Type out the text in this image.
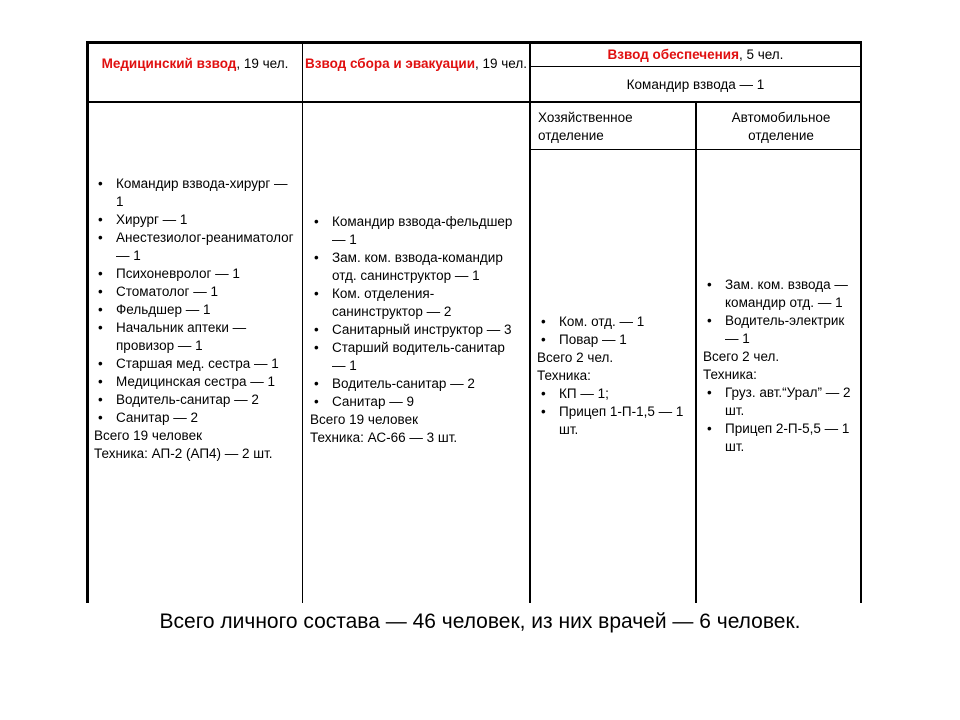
Медицинский взвод, 19 чел.	Взвод сбора и эвакуации, 19 чел.
Взвод обеспечения, 5 чел.
Командир взвода — 1
Хозяйственное отделение
Автомобильное отделение
• Командир взвода-хирург — 1
• Хирург — 1
• Анестезиолог-реаниматолог — 1
• Психоневролог — 1
• Стоматолог — 1
• Фельдшер — 1
• Начальник аптеки — провизор — 1
• Старшая мед. сестра — 1
• Медицинская сестра — 1
• Водитель-санитар — 2
• Санитар — 2
Всего 19 человек
Техника: АП-2 (АП4) — 2 шт.
• Командир взвода-фельдшер — 1
• Зам. ком. взвода-командир отд. санинструктор — 1
• Ком. отделения-санинструктор — 2
• Санитарный инструктор — 3
• Старший водитель-санитар — 1
• Водитель-санитар — 2
• Санитар — 9
Всего 19 человек
Техника: АС-66 — 3 шт.
• Ком. отд. — 1
• Повар — 1
Всего 2 чел.
Техника:
• КП — 1;
• Прицеп 1-П-1,5 — 1 шт.
• Зам. ком. взвода — командир отд. — 1
• Водитель-электрик — 1
Всего 2 чел.
Техника:
• Груз. авт.“Урал” — 2 шт.
• Прицеп 2-П-5,5 — 1 шт.
Всего личного состава — 46 человек, из них врачей — 6 человек.
